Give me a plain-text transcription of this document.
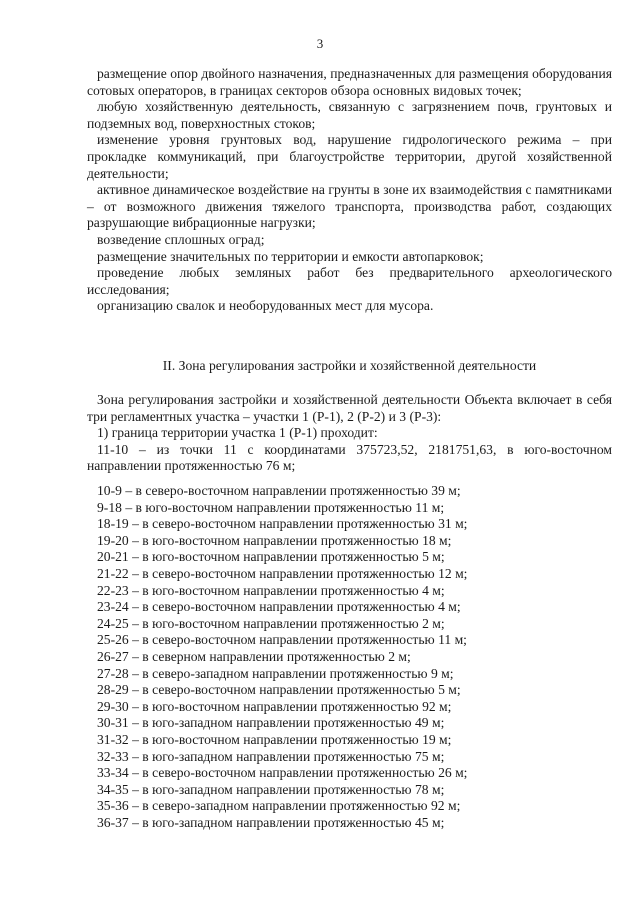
3

размещение опор двойного назначения, предназначенных для размещения оборудования сотовых операторов, в границах секторов обзора основных видовых точек;

любую хозяйственную деятельность, связанную с загрязнением почв, грунтовых и подземных вод, поверхностных стоков;

изменение уровня грунтовых вод, нарушение гидрологического режима – при прокладке коммуникаций, при благоустройстве территории, другой хозяйственной деятельности;

активное динамическое воздействие на грунты в зоне их взаимодействия с памятниками – от возможного движения тяжелого транспорта, производства работ, создающих разрушающие вибрационные нагрузки;

возведение сплошных оград;

размещение значительных по территории и емкости автопарковок;

проведение любых земляных работ без предварительного археологического исследования;

организацию свалок и необорудованных мест для мусора.

II. Зона регулирования застройки и хозяйственной деятельности

Зона регулирования застройки и хозяйственной деятельности Объекта включает в себя три регламентных участка – участки 1 (Р-1), 2 (Р-2) и 3 (Р-3):

1) граница территории участка 1 (Р-1) проходит:

11-10 – из точки 11 с координатами 375723,52, 2181751,63, в юго-восточном направлении протяженностью 76 м;

10-9 – в северо-восточном направлении протяженностью 39 м;

9-18 – в юго-восточном направлении протяженностью 11 м;

18-19 – в северо-восточном направлении протяженностью 31 м;

19-20 – в юго-восточном направлении протяженностью 18 м;

20-21 – в юго-восточном направлении протяженностью 5 м;

21-22 – в северо-восточном направлении протяженностью 12 м;

22-23 – в юго-восточном направлении протяженностью 4 м;

23-24 – в северо-восточном направлении протяженностью 4 м;

24-25 – в юго-восточном направлении протяженностью 2 м;

25-26 – в северо-восточном направлении протяженностью 11 м;

26-27 – в северном направлении протяженностью 2 м;

27-28 – в северо-западном направлении протяженностью 9 м;

28-29 – в северо-восточном направлении протяженностью 5 м;

29-30 – в юго-восточном направлении протяженностью 92 м;

30-31 – в юго-западном направлении протяженностью 49 м;

31-32 – в юго-восточном направлении протяженностью 19 м;

32-33 – в юго-западном направлении протяженностью 75 м;

33-34 – в северо-восточном направлении протяженностью 26 м;

34-35 – в юго-западном направлении протяженностью 78 м;

35-36 – в северо-западном направлении протяженностью 92 м;

36-37 – в юго-западном направлении протяженностью 45 м;
